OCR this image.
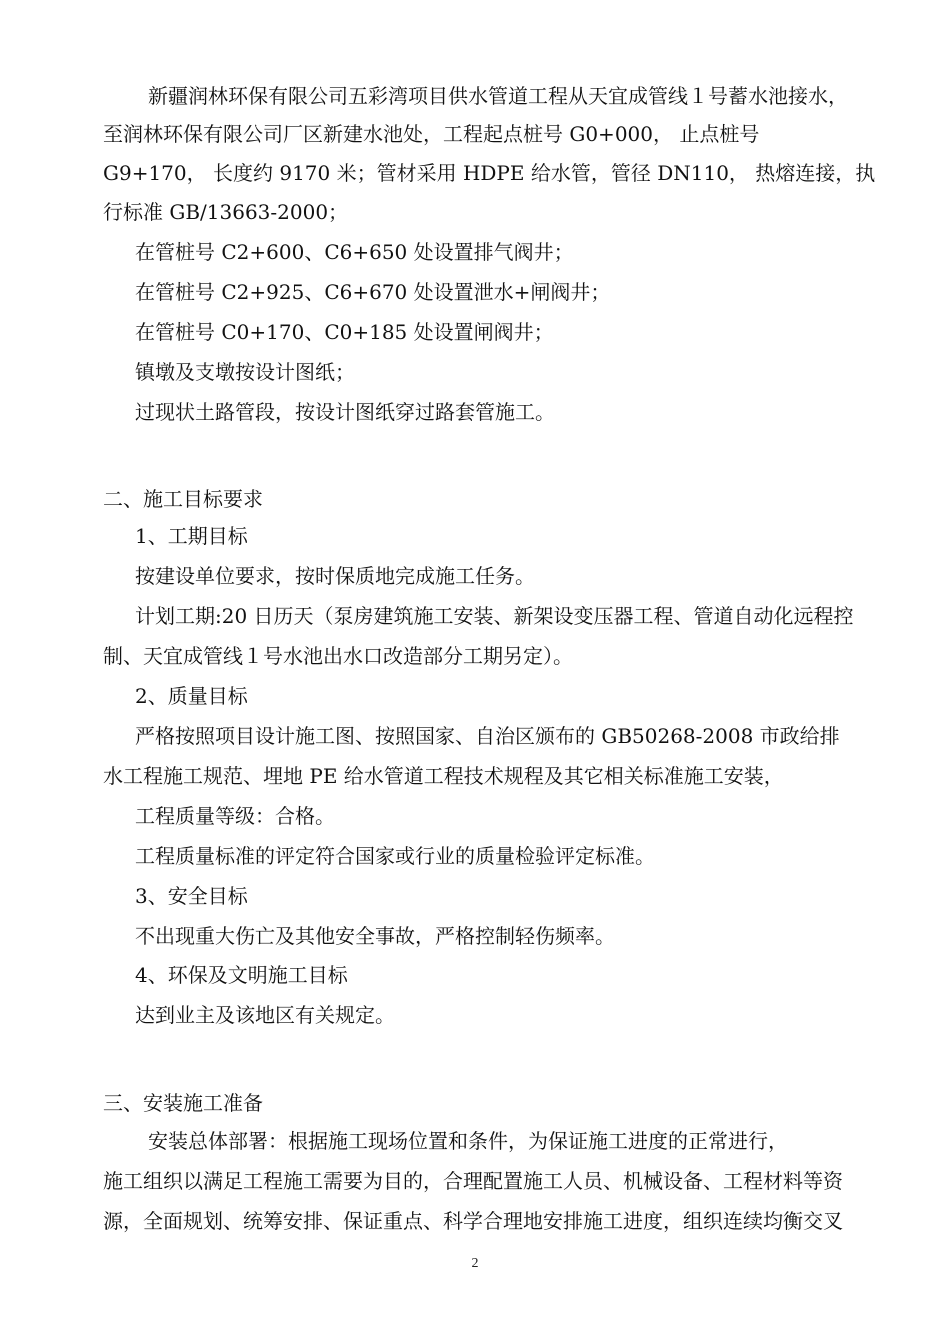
新疆润林环保有限公司五彩湾项目供水管道工程从天宜成管线１号蓄水池接水，
至润林环保有限公司厂区新建水池处，工程起点桩号 G0+000， 止点桩号
G9+170， 长度约 9170 米；管材采用 HDPE 给水管，管径 DN110， 热熔连接，执
行标准 GB/13663-2000；
在管桩号 C2+600、C6+650 处设置排气阀井；
在管桩号 C2+925、C6+670 处设置泄水+闸阀井；
在管桩号 C0+170、C0+185 处设置闸阀井；
镇墩及支墩按设计图纸；
过现状土路管段，按设计图纸穿过路套管施工。
二、施工目标要求
1、工期目标
按建设单位要求，按时保质地完成施工任务。
计划工期:20 日历天（泵房建筑施工安装、新架设变压器工程、管道自动化远程控
制、天宜成管线１号水池出水口改造部分工期另定）。
2、质量目标
严格按照项目设计施工图、按照国家、自治区颁布的 GB50268-2008 市政给排
水工程施工规范、埋地 PE 给水管道工程技术规程及其它相关标准施工安装，
工程质量等级：合格。
工程质量标准的评定符合国家或行业的质量检验评定标准。
3、安全目标
不出现重大伤亡及其他安全事故，严格控制轻伤频率。
4、环保及文明施工目标
达到业主及该地区有关规定。
三、安装施工准备
安装总体部署：根据施工现场位置和条件，为保证施工进度的正常进行，
施工组织以满足工程施工需要为目的，合理配置施工人员、机械设备、工程材料等资
源，全面规划、统筹安排、保证重点、科学合理地安排施工进度，组织连续均衡交叉
2
